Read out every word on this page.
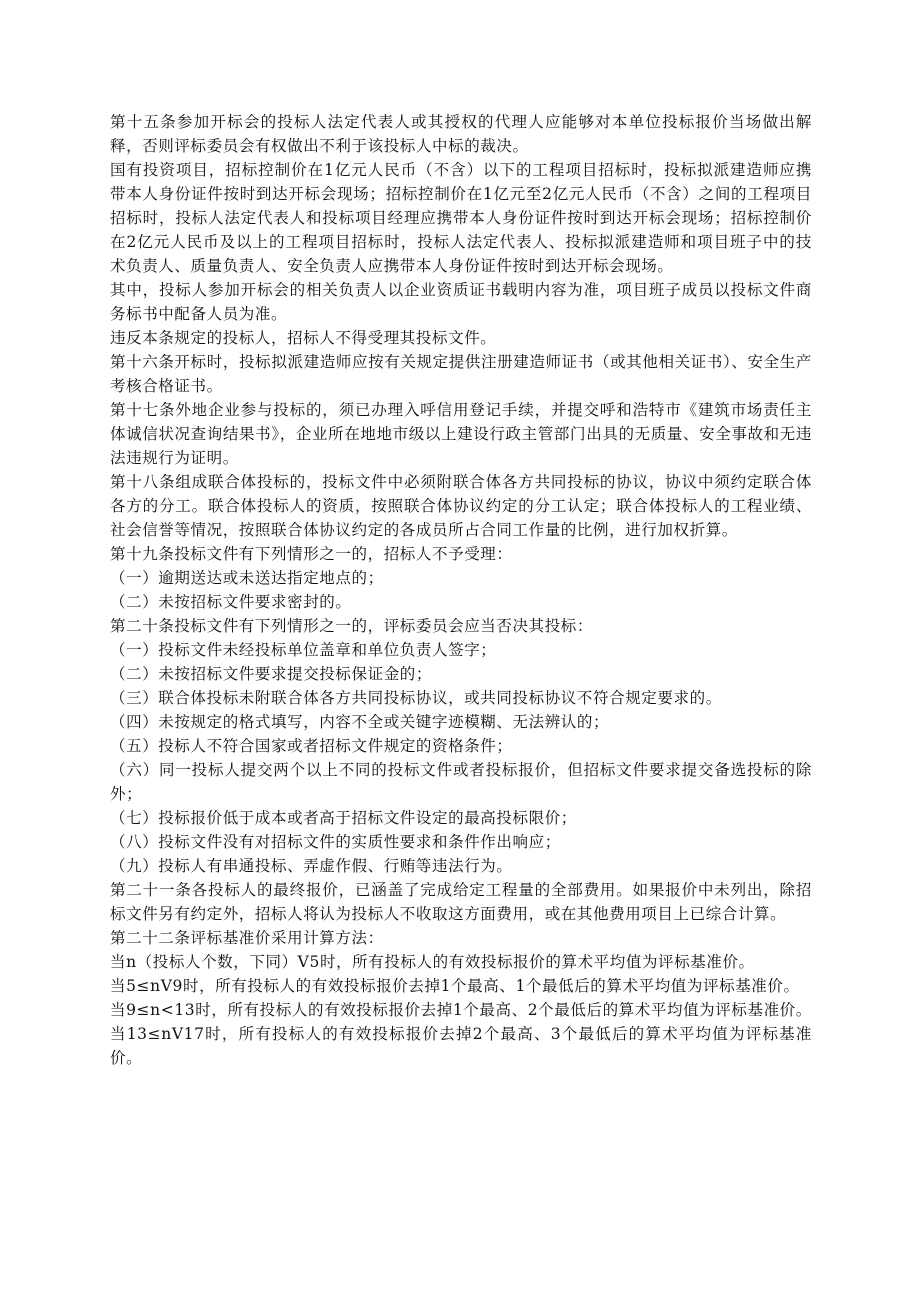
第十五条参加开标会的投标人法定代表人或其授权的代理人应能够对本单位投标报价当场做出解释，否则评标委员会有权做出不利于该投标人中标的裁决。

国有投资项目，招标控制价在1亿元人民币（不含）以下的工程项目招标时，投标拟派建造师应携带本人身份证件按时到达开标会现场；招标控制价在1亿元至2亿元人民币（不含）之间的工程项目招标时，投标人法定代表人和投标项目经理应携带本人身份证件按时到达开标会现场；招标控制价在2亿元人民币及以上的工程项目招标时，投标人法定代表人、投标拟派建造师和项目班子中的技术负责人、质量负责人、安全负责人应携带本人身份证件按时到达开标会现场。

其中，投标人参加开标会的相关负责人以企业资质证书载明内容为准，项目班子成员以投标文件商务标书中配备人员为准。

违反本条规定的投标人，招标人不得受理其投标文件。

第十六条开标时，投标拟派建造师应按有关规定提供注册建造师证书（或其他相关证书）、安全生产考核合格证书。

第十七条外地企业参与投标的，须已办理入呼信用登记手续，并提交呼和浩特市《建筑市场责任主体诚信状况查询结果书》，企业所在地地市级以上建设行政主管部门出具的无质量、安全事故和无违法违规行为证明。

第十八条组成联合体投标的，投标文件中必须附联合体各方共同投标的协议，协议中须约定联合体各方的分工。联合体投标人的资质，按照联合体协议约定的分工认定；联合体投标人的工程业绩、社会信誉等情况，按照联合体协议约定的各成员所占合同工作量的比例，进行加权折算。

第十九条投标文件有下列情形之一的，招标人不予受理：

（一）逾期送达或未送达指定地点的；

（二）未按招标文件要求密封的。

第二十条投标文件有下列情形之一的，评标委员会应当否决其投标：

（一）投标文件未经投标单位盖章和单位负责人签字；

（二）未按招标文件要求提交投标保证金的；

（三）联合体投标未附联合体各方共同投标协议，或共同投标协议不符合规定要求的。

（四）未按规定的格式填写，内容不全或关键字迹模糊、无法辨认的；

（五）投标人不符合国家或者招标文件规定的资格条件；

（六）同一投标人提交两个以上不同的投标文件或者投标报价，但招标文件要求提交备选投标的除外；

（七）投标报价低于成本或者高于招标文件设定的最高投标限价；

（八）投标文件没有对招标文件的实质性要求和条件作出响应；

（九）投标人有串通投标、弄虚作假、行贿等违法行为。

第二十一条各投标人的最终报价，已涵盖了完成给定工程量的全部费用。如果报价中未列出，除招标文件另有约定外，招标人将认为投标人不收取这方面费用，或在其他费用项目上已综合计算。

第二十二条评标基准价采用计算方法：

当n（投标人个数，下同）V5时，所有投标人的有效投标报价的算术平均值为评标基准价。

当5≤nV9时，所有投标人的有效投标报价去掉1个最高、1个最低后的算术平均值为评标基准价。

当9≤n<13时，所有投标人的有效投标报价去掉1个最高、2个最低后的算术平均值为评标基准价。

当13≤nV17时，所有投标人的有效投标报价去掉2个最高、3个最低后的算术平均值为评标基准价。
